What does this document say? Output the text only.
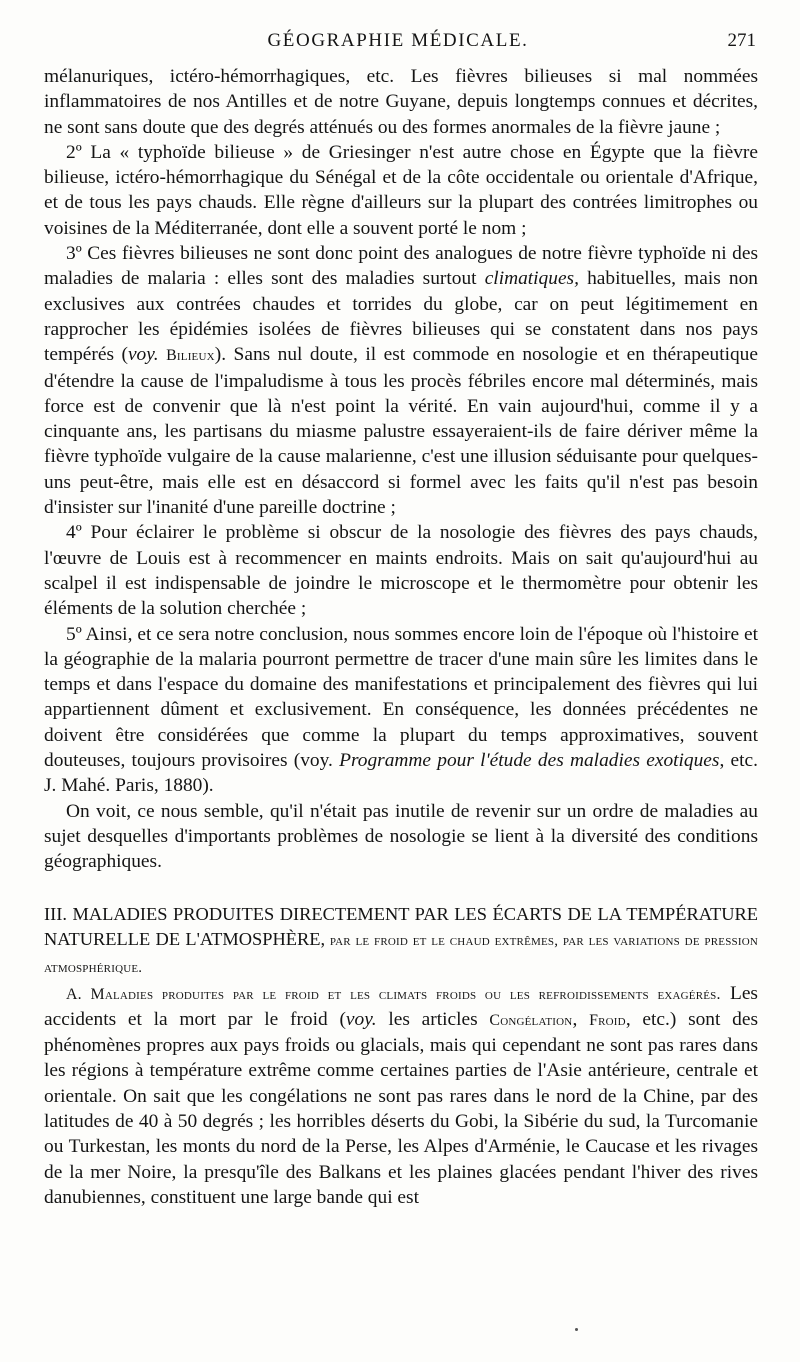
GÉOGRAPHIE MÉDICALE.	271

mélanuriques, ictéro-hémorrhagiques, etc. Les fièvres bilieuses si mal nommées inflammatoires de nos Antilles et de notre Guyane, depuis longtemps connues et décrites, ne sont sans doute que des degrés atténués ou des formes anormales de la fièvre jaune ;

2º La « typhoïde bilieuse » de Griesinger n'est autre chose en Égypte que la fièvre bilieuse, ictéro-hémorrhagique du Sénégal et de la côte occidentale ou orientale d'Afrique, et de tous les pays chauds. Elle règne d'ailleurs sur la plupart des contrées limitrophes ou voisines de la Méditerranée, dont elle a souvent porté le nom ;

3º Ces fièvres bilieuses ne sont donc point des analogues de notre fièvre typhoïde ni des maladies de malaria : elles sont des maladies surtout climatiques, habituelles, mais non exclusives aux contrées chaudes et torrides du globe, car on peut légitimement en rapprocher les épidémies isolées de fièvres bilieuses qui se constatent dans nos pays tempérés (voy. Bilieux). Sans nul doute, il est commode en nosologie et en thérapeutique d'étendre la cause de l'impaludisme à tous les procès fébriles encore mal déterminés, mais force est de convenir que là n'est point la vérité. En vain aujourd'hui, comme il y a cinquante ans, les partisans du miasme palustre essayeraient-ils de faire dériver même la fièvre typhoïde vulgaire de la cause malarienne, c'est une illusion séduisante pour quelques-uns peut-être, mais elle est en désaccord si formel avec les faits qu'il n'est pas besoin d'insister sur l'inanité d'une pareille doctrine ;

4º Pour éclairer le problème si obscur de la nosologie des fièvres des pays chauds, l'œuvre de Louis est à recommencer en maints endroits. Mais on sait qu'aujourd'hui au scalpel il est indispensable de joindre le microscope et le thermomètre pour obtenir les éléments de la solution cherchée ;

5º Ainsi, et ce sera notre conclusion, nous sommes encore loin de l'époque où l'histoire et la géographie de la malaria pourront permettre de tracer d'une main sûre les limites dans le temps et dans l'espace du domaine des manifestations et principalement des fièvres qui lui appartiennent dûment et exclusivement. En conséquence, les données précédentes ne doivent être considérées que comme la plupart du temps approximatives, souvent douteuses, toujours provisoires (voy. Programme pour l'étude des maladies exotiques, etc. J. Mahé. Paris, 1880).

On voit, ce nous semble, qu'il n'était pas inutile de revenir sur un ordre de maladies au sujet desquelles d'importants problèmes de nosologie se lient à la diversité des conditions géographiques.

III. MALADIES PRODUITES DIRECTEMENT PAR LES ÉCARTS DE LA TEMPÉRATURE NATURELLE DE L'ATMOSPHÈRE, par le froid et le chaud extrêmes, par les variations de pression atmosphérique.

A. Maladies produites par le froid et les climats froids ou les refroidissements exagérés. Les accidents et la mort par le froid (voy. les articles Congélation, Froid, etc.) sont des phénomènes propres aux pays froids ou glacials, mais qui cependant ne sont pas rares dans les régions à température extrême comme certaines parties de l'Asie antérieure, centrale et orientale. On sait que les congélations ne sont pas rares dans le nord de la Chine, par des latitudes de 40 à 50 degrés ; les horribles déserts du Gobi, la Sibérie du sud, la Turcomanie ou Turkestan, les monts du nord de la Perse, les Alpes d'Arménie, le Caucase et les rivages de la mer Noire, la presqu'île des Balkans et les plaines glacées pendant l'hiver des rives danubiennes, constituent une large bande qui est
